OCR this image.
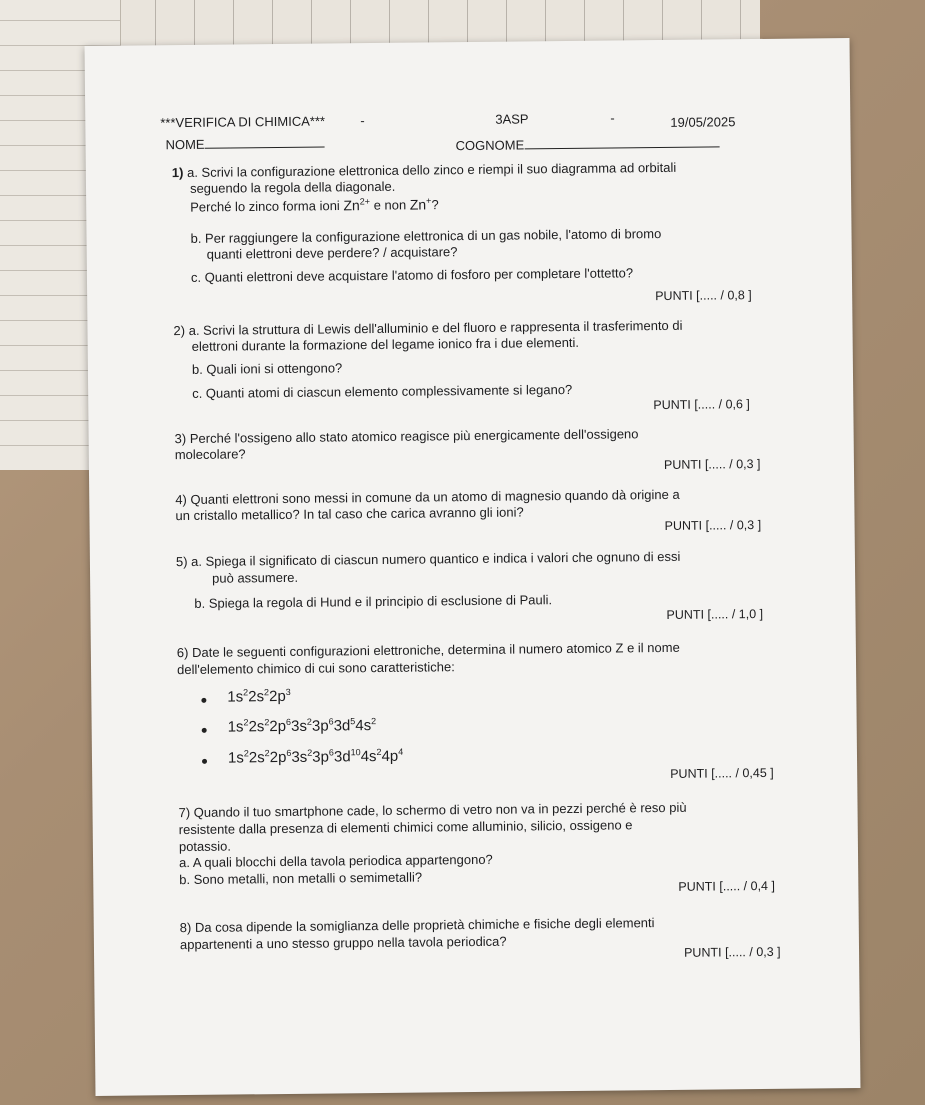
***VERIFICA DI CHIMICA***	-	3ASP	-	19/05/2025
NOME	COGNOME
1) a. Scrivi la configurazione elettronica dello zinco e riempi il suo diagramma ad orbitali
seguendo la regola della diagonale.
Perché lo zinco forma ioni $Zn^{2+}$ e non Zn+?
b. Per raggiungere la configurazione elettronica di un gas nobile, l'atomo di bromo
quanti elettroni deve perdere? / acquistare?
c. Quanti elettroni deve acquistare l'atomo di fosforo per completare l'ottetto?
PUNTI [..... / 0,8 ]
2) a. Scrivi la struttura di Lewis dell'alluminio e del fluoro e rappresenta il trasferimento di
elettroni durante la formazione del legame ionico fra i due elementi.
b. Quali ioni si ottengono?
c. Quanti atomi di ciascun elemento complessivamente si legano?
PUNTI [..... / 0,6 ]
3) Perché l'ossigeno allo stato atomico reagisce più energicamente dell'ossigeno
molecolare?
PUNTI [..... / 0,3 ]
4) Quanti elettroni sono messi in comune da un atomo di magnesio quando dà origine a
un cristallo metallico? In tal caso che carica avranno gli ioni?
PUNTI [..... / 0,3 ]
5) a. Spiega il significato di ciascun numero quantico e indica i valori che ognuno di essi
può assumere.
b. Spiega la regola di Hund e il principio di esclusione di Pauli.
PUNTI [..... / 1,0 ]
6) Date le seguenti configurazioni elettroniche, determina il numero atomico Z e il nome
dell'elemento chimico di cui sono caratteristiche:
$1s^22s^22p^3$
$1s^22s^22p^63s^23p^63d^54s^2$
$1s^22s^22p^63s^23p^63d^{10}4s^24p^4$
PUNTI [..... / 0,45 ]
7) Quando il tuo smartphone cade, lo schermo di vetro non va in pezzi perché è reso più
resistente dalla presenza di elementi chimici come alluminio, silicio, ossigeno e
potassio.
a. A quali blocchi della tavola periodica appartengono?
b. Sono metalli, non metalli o semimetalli?	PUNTI [..... / 0,4 ]
8) Da cosa dipende la somiglianza delle proprietà chimiche e fisiche degli elementi
appartenenti a uno stesso gruppo nella tavola periodica?
PUNTI [..... / 0,3 ]
